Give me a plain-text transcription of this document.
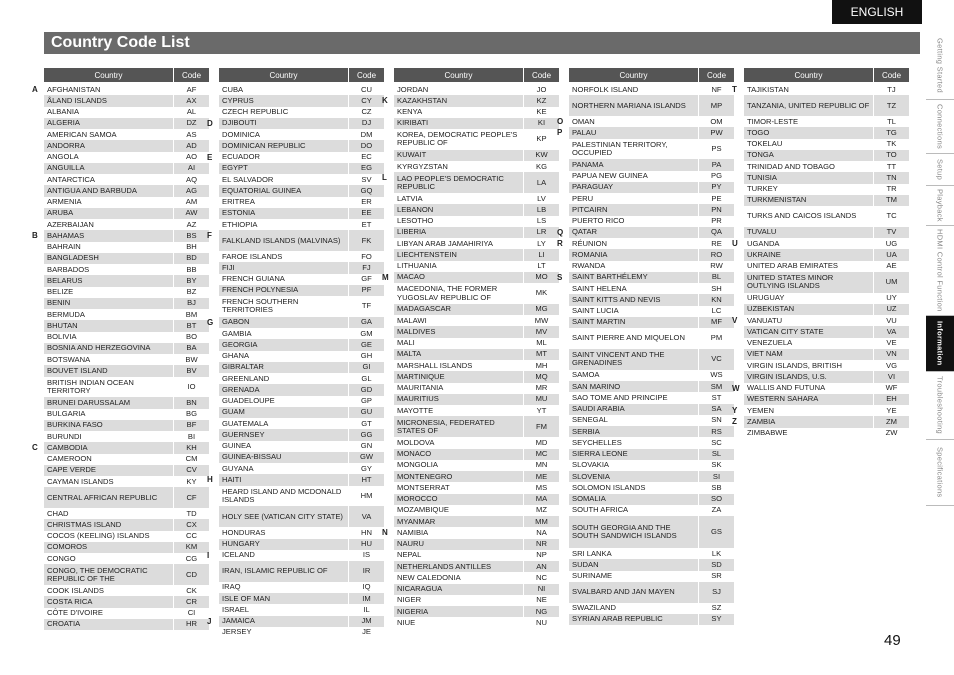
ENGLISH
Country Code List	Getting Started
Connections
Setup
Playback
HDMI Control Function
Information
Troubleshooting
Specifications
Country	Code
A	AFGHANISTAN	AF
ÅLAND ISLANDS	AX
ALBANIA	AL
ALGERIA	DZ
AMERICAN SAMOA	AS
ANDORRA	AD
ANGOLA	AO
ANGUILLA	AI
ANTARCTICA	AQ
ANTIGUA AND BARBUDA	AG
ARMENIA	AM
ARUBA	AW
AZERBAIJAN	AZ
B	BAHAMAS	BS
BAHRAIN	BH
BANGLADESH	BD
BARBADOS	BB
BELARUS	BY
BELIZE	BZ
BENIN	BJ
BERMUDA	BM
BHUTAN	BT
BOLIVIA	BO
BOSNIA AND HERZEGOVINA	BA
BOTSWANA	BW
BOUVET ISLAND	BV
BRITISH INDIAN OCEAN TERRITORY	IO
BRUNEI DARUSSALAM	BN
BULGARIA	BG
BURKINA FASO	BF
BURUNDI	BI
C	CAMBODIA	KH
CAMEROON	CM
CAPE VERDE	CV
CAYMAN ISLANDS	KY
CENTRAL AFRICAN REPUBLIC	CF
CHAD	TD
CHRISTMAS ISLAND	CX
COCOS (KEELING) ISLANDS	CC
COMOROS	KM
CONGO	CG
CONGO, THE DEMOCRATIC REPUBLIC OF THE	CD
COOK ISLANDS	CK
COSTA RICA	CR
CÔTE D'IVOIRE	CI
CROATIA	HR
Country	Code
CUBA	CU
CYPRUS	CY
CZECH REPUBLIC	CZ
D	DJIBOUTI	DJ
DOMINICA	DM
DOMINICAN REPUBLIC	DO
E	ECUADOR	EC
EGYPT	EG
EL SALVADOR	SV
EQUATORIAL GUINEA	GQ
ERITREA	ER
ESTONIA	EE
ETHIOPIA	ET
F	FALKLAND ISLANDS (MALVINAS)	FK
FAROE ISLANDS	FO
FIJI	FJ
FRENCH GUIANA	GF
FRENCH POLYNESIA	PF
FRENCH SOUTHERN TERRITORIES	TF
G	GABON	GA
GAMBIA	GM
GEORGIA	GE
GHANA	GH
GIBRALTAR	GI
GREENLAND	GL
GRENADA	GD
GUADELOUPE	GP
GUAM	GU
GUATEMALA	GT
GUERNSEY	GG
GUINEA	GN
GUINEA-BISSAU	GW
GUYANA	GY
H	HAITI	HT
HEARD ISLAND AND MCDONALD ISLANDS	HM
HOLY SEE (VATICAN CITY STATE)	VA
HONDURAS	HN
HUNGARY	HU
I	ICELAND	IS
IRAN, ISLAMIC REPUBLIC OF	IR
IRAQ	IQ
ISLE OF MAN	IM
ISRAEL	IL
J	JAMAICA	JM
JERSEY	JE
Country	Code
JORDAN	JO
K	KAZAKHSTAN	KZ
KENYA	KE
KIRIBATI	KI
KOREA, DEMOCRATIC PEOPLE'S REPUBLIC OF	KP
KUWAIT	KW
KYRGYZSTAN	KG
L	LAO PEOPLE'S DEMOCRATIC REPUBLIC	LA
LATVIA	LV
LEBANON	LB
LESOTHO	LS
LIBERIA	LR
LIBYAN ARAB JAMAHIRIYA	LY
LIECHTENSTEIN	LI
LITHUANIA	LT
M	MACAO	MO
MACEDONIA, THE FORMER YUGOSLAV REPUBLIC OF	MK
MADAGASCAR	MG
MALAWI	MW
MALDIVES	MV
MALI	ML
MALTA	MT
MARSHALL ISLANDS	MH
MARTINIQUE	MQ
MAURITANIA	MR
MAURITIUS	MU
MAYOTTE	YT
MICRONESIA, FEDERATED STATES OF	FM
MOLDOVA	MD
MONACO	MC
MONGOLIA	MN
MONTENEGRO	ME
MONTSERRAT	MS
MOROCCO	MA
MOZAMBIQUE	MZ
MYANMAR	MM
N	NAMIBIA	NA
NAURU	NR
NEPAL	NP
NETHERLANDS ANTILLES	AN
NEW CALEDONIA	NC
NICARAGUA	NI
NIGER	NE
NIGERIA	NG
NIUE	NU
Country	Code
NORFOLK ISLAND	NF
NORTHERN MARIANA ISLANDS	MP
O	OMAN	OM
P	PALAU	PW
PALESTINIAN TERRITORY, OCCUPIED	PS
PANAMA	PA
PAPUA NEW GUINEA	PG
PARAGUAY	PY
PERU	PE
PITCAIRN	PN
PUERTO RICO	PR
Q	QATAR	QA
R	RÉUNION	RE
ROMANIA	RO
RWANDA	RW
S	SAINT BARTHÉLEMY	BL
SAINT HELENA	SH
SAINT KITTS AND NEVIS	KN
SAINT LUCIA	LC
SAINT MARTIN	MF
SAINT PIERRE AND MIQUELON	PM
SAINT VINCENT AND THE GRENADINES	VC
SAMOA	WS
SAN MARINO	SM
SAO TOME AND PRINCIPE	ST
SAUDI ARABIA	SA
SENEGAL	SN
SERBIA	RS
SEYCHELLES	SC
SIERRA LEONE	SL
SLOVAKIA	SK
SLOVENIA	SI
SOLOMON ISLANDS	SB
SOMALIA	SO
SOUTH AFRICA	ZA
SOUTH GEORGIA AND THE SOUTH SANDWICH ISLANDS	GS
SRI LANKA	LK
SUDAN	SD
SURINAME	SR
SVALBARD AND JAN MAYEN	SJ
SWAZILAND	SZ
SYRIAN ARAB REPUBLIC	SY
Country	Code
T	TAJIKISTAN	TJ
TANZANIA, UNITED REPUBLIC OF	TZ
TIMOR-LESTE	TL
TOGO	TG
TOKELAU	TK
TONGA	TO
TRINIDAD AND TOBAGO	TT
TUNISIA	TN
TURKEY	TR
TURKMENISTAN	TM
TURKS AND CAICOS ISLANDS	TC
TUVALU	TV
U	UGANDA	UG
UKRAINE	UA
UNITED ARAB EMIRATES	AE
UNITED STATES MINOR OUTLYING ISLANDS	UM
URUGUAY	UY
UZBEKISTAN	UZ
V	VANUATU	VU
VATICAN CITY STATE	VA
VENEZUELA	VE
VIET NAM	VN
VIRGIN ISLANDS, BRITISH	VG
VIRGIN ISLANDS, U.S.	VI
W WALLIS AND FUTUNA	WF
WESTERN SAHARA	EH
Y	YEMEN	YE
Z	ZAMBIA	ZM
ZIMBABWE	ZW
49
